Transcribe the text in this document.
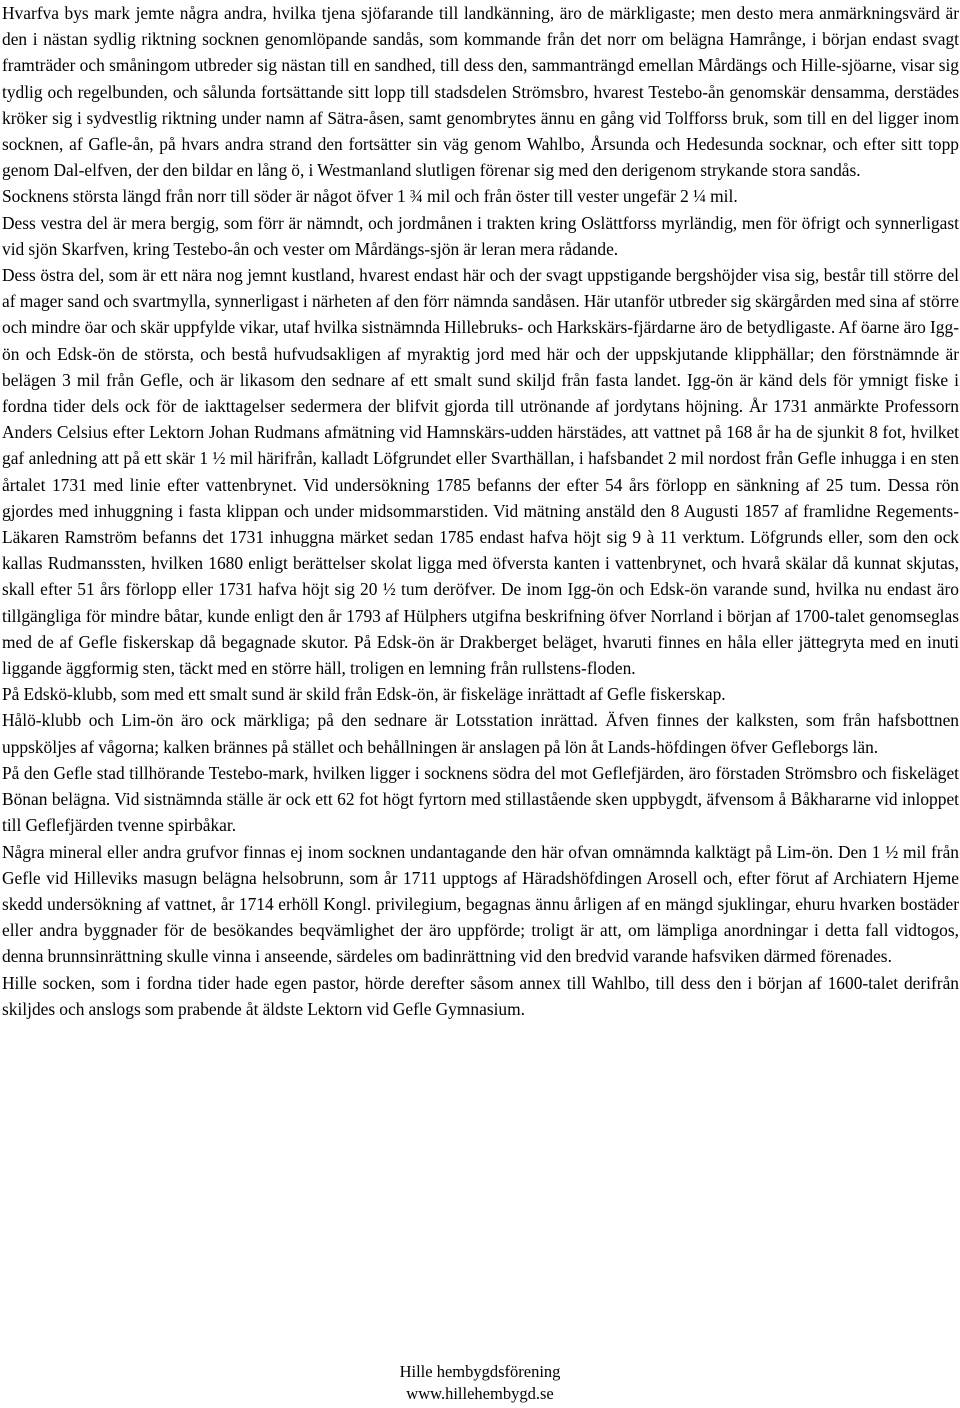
Hvarfva bys mark jemte några andra, hvilka tjena sjöfarande till landkänning, äro de märkligaste; men desto mera anmärkningsvärd är den i nästan sydlig riktning socknen genomlöpande sandås, som kommande från det norr om belägna Hamrånge, i början endast svagt framträder och småningom utbreder sig nästan till en sandhed, till dess den, sammanträngd emellan Mårdängs och Hille-sjöarne, visar sig tydlig och regelbunden, och sålunda fortsättande sitt lopp till stadsdelen Strömsbro, hvarest Testebo-ån genomskär densamma, derstädes kröker sig i sydvestlig riktning under namn af Sätra-åsen, samt genombrytes ännu en gång vid Tolfforss bruk, som till en del ligger inom socknen, af Gafle-ån, på hvars andra strand den fortsätter sin väg genom Wahlbo, Årsunda och Hedesunda socknar, och efter sitt topp genom Dal-elfven, der den bildar en lång ö, i Westmanland slutligen förenar sig med den derigenom strykande stora sandås.

Socknens största längd från norr till söder är något öfver 1 ¾ mil och från öster till vester ungefär 2 ¼ mil.

Dess vestra del är mera bergig, som förr är nämndt, och jordmånen i trakten kring Oslättforss myrländig, men för öfrigt och synnerligast vid sjön Skarfven, kring Testebo-ån och vester om Mårdängs-sjön är leran mera rådande.

Dess östra del, som är ett nära nog jemnt kustland, hvarest endast här och der svagt uppstigande bergshöjder visa sig, består till större del af mager sand och svartmylla, synnerligast i närheten af den förr nämnda sandåsen. Här utanför utbreder sig skärgården med sina af större och mindre öar och skär uppfylde vikar, utaf hvilka sistnämnda Hillebruks- och Harkskärs-fjärdarne äro de betydligaste. Af öarne äro Igg-ön och Edsk-ön de största, och bestå hufvudsakligen af myraktig jord med här och der uppskjutande klipphällar; den förstnämnde är belägen 3 mil från Gefle, och är likasom den sednare af ett smalt sund skiljd från fasta landet. Igg-ön är känd dels för ymnigt fiske i fordna tider dels ock för de iakttagelser sedermera der blifvit gjorda till utrönande af jordytans höjning. År 1731 anmärkte Professorn Anders Celsius efter Lektorn Johan Rudmans afmätning vid Hamnskärs-udden härstädes, att vattnet på 168 år ha de sjunkit 8 fot, hvilket gaf anledning att på ett skär 1 ½ mil härifrån, kalladt Löfgrundet eller Svarthällan, i hafsbandet 2 mil nordost från Gefle inhugga i en sten årtalet 1731 med linie efter vattenbrynet. Vid undersökning 1785 befanns der efter 54 års förlopp en sänkning af 25 tum. Dessa rön gjordes med inhuggning i fasta klippan och under midsommarstiden. Vid mätning anstäld den 8 Augusti 1857 af framlidne Regements-Läkaren Ramström befanns det 1731 inhuggna märket sedan 1785 endast hafva höjt sig 9 à 11 verktum. Löfgrunds eller, som den ock kallas Rudmanssten, hvilken 1680 enligt berättelser skolat ligga med öfversta kanten i vattenbrynet, och hvarå skälar då kunnat skjutas, skall efter 51 års förlopp eller 1731 hafva höjt sig 20 ½ tum deröfver. De inom Igg-ön och Edsk-ön varande sund, hvilka nu endast äro tillgängliga för mindre båtar, kunde enligt den år 1793 af Hülphers utgifna beskrifning öfver Norrland i början af 1700-talet genomseglas med de af Gefle fiskerskap då begagnade skutor. På Edsk-ön är Drakberget beläget, hvaruti finnes en håla eller jättegryta med en inuti liggande äggformig sten, täckt med en större häll, troligen en lemning från rullstens-floden.

På Edskö-klubb, som med ett smalt sund är skild från Edsk-ön, är fiskeläge inrättadt af Gefle fiskerskap.

Hålö-klubb och Lim-ön äro ock märkliga; på den sednare är Lotsstation inrättad. Äfven finnes der kalksten, som från hafsbottnen uppsköljes af vågorna; kalken brännes på stället och behållningen är anslagen på lön åt Lands-höfdingen öfver Gefleborgs län.

På den Gefle stad tillhörande Testebo-mark, hvilken ligger i socknens södra del mot Geflefjärden, äro förstaden Strömsbro och fiskeläget Bönan belägna. Vid sistnämnda ställe är ock ett 62 fot högt fyrtorn med stillastående sken uppbygdt, äfvensom å Båkhararne vid inloppet till Geflefjärden tvenne spirbåkar.

Några mineral eller andra grufvor finnas ej inom socknen undantagande den här ofvan omnämnda kalktägt på Lim-ön. Den 1 ½ mil från Gefle vid Hilleviks masugn belägna helsobrunn, som år 1711 upptogs af Häradshöfdingen Arosell och, efter förut af Archiatern Hjeme skedd undersökning af vattnet, år 1714 erhöll Kongl. privilegium, begagnas ännu årligen af en mängd sjuklingar, ehuru hvarken bostäder eller andra byggnader för de besökandes beqvämlighet der äro uppförde; troligt är att, om lämpliga anordningar i detta fall vidtogos, denna brunnsinrättning skulle vinna i anseende, särdeles om badinrättning vid den bredvid varande hafsviken därmed förenades.

Hille socken, som i fordna tider hade egen pastor, hörde derefter såsom annex till Wahlbo, till dess den i början af 1600-talet derifrån skiljdes och anslogs som prabende åt äldste Lektorn vid Gefle Gymnasium.

Hille hembygdsförening
www.hillehembygd.se
